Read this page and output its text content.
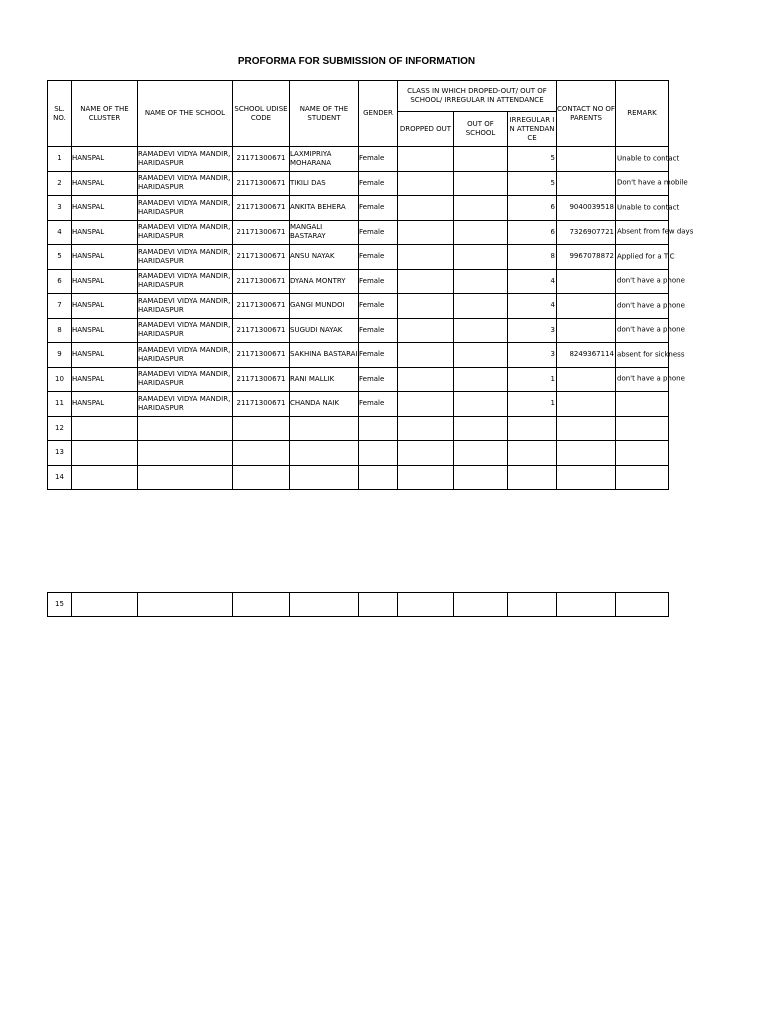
PROFORMA FOR SUBMISSION OF INFORMATION
SL. NO.	NAME OF THE CLUSTER	NAME OF THE SCHOOL	SCHOOL UDISE CODE	NAME OF THE STUDENT	GENDER	CLASS IN WHICH DROPED-OUT/ OUT OF SCHOOL/ IRREGULAR IN ATTENDANCE			CONTACT NO OF PARENTS	REMARK
						DROPPED OUT	OUT OF SCHOOL	IRREGULAR IN ATTENDANCE		
1	HANSPAL	RAMADEVI VIDYA MANDIR, HARIDASPUR	21171300671	LAXMIPRIYA MOHARANA	Female			5		Unable to contact

2	HANSPAL	RAMADEVI VIDYA MANDIR, HARIDASPUR	21171300671	TIKILI DAS	Female			5		Don't have a mobile

3	HANSPAL	RAMADEVI VIDYA MANDIR, HARIDASPUR	21171300671	ANKITA BEHERA	Female			6	9040039518	Unable to contact

4	HANSPAL	RAMADEVI VIDYA MANDIR, HARIDASPUR	21171300671	MANGALI BASTARAY	Female			6	7326907721	Absent from few days

5	HANSPAL	RAMADEVI VIDYA MANDIR, HARIDASPUR	21171300671	ANSU NAYAK	Female			8	9967078872	Applied for a T.C

6	HANSPAL	RAMADEVI VIDYA MANDIR, HARIDASPUR	21171300671	DYANA MONTRY	Female			4		don't have a phone

7	HANSPAL	RAMADEVI VIDYA MANDIR, HARIDASPUR	21171300671	GANGI MUNDOI	Female			4		don't have a phone

8	HANSPAL	RAMADEVI VIDYA MANDIR, HARIDASPUR	21171300671	SUGUDI NAYAK	Female			3		don't have a phone

9	HANSPAL	RAMADEVI VIDYA MANDIR, HARIDASPUR	21171300671	SAKHINA BASTARAI	Female			3	8249367114	absent for sickness

10	HANSPAL	RAMADEVI VIDYA MANDIR, HARIDASPUR	21171300671	RANI MALLIK	Female			1		don't have a phone

11	HANSPAL	RAMADEVI VIDYA MANDIR, HARIDASPUR	21171300671	CHANDA NAIK	Female			1		

12										

13										

14										
15										
